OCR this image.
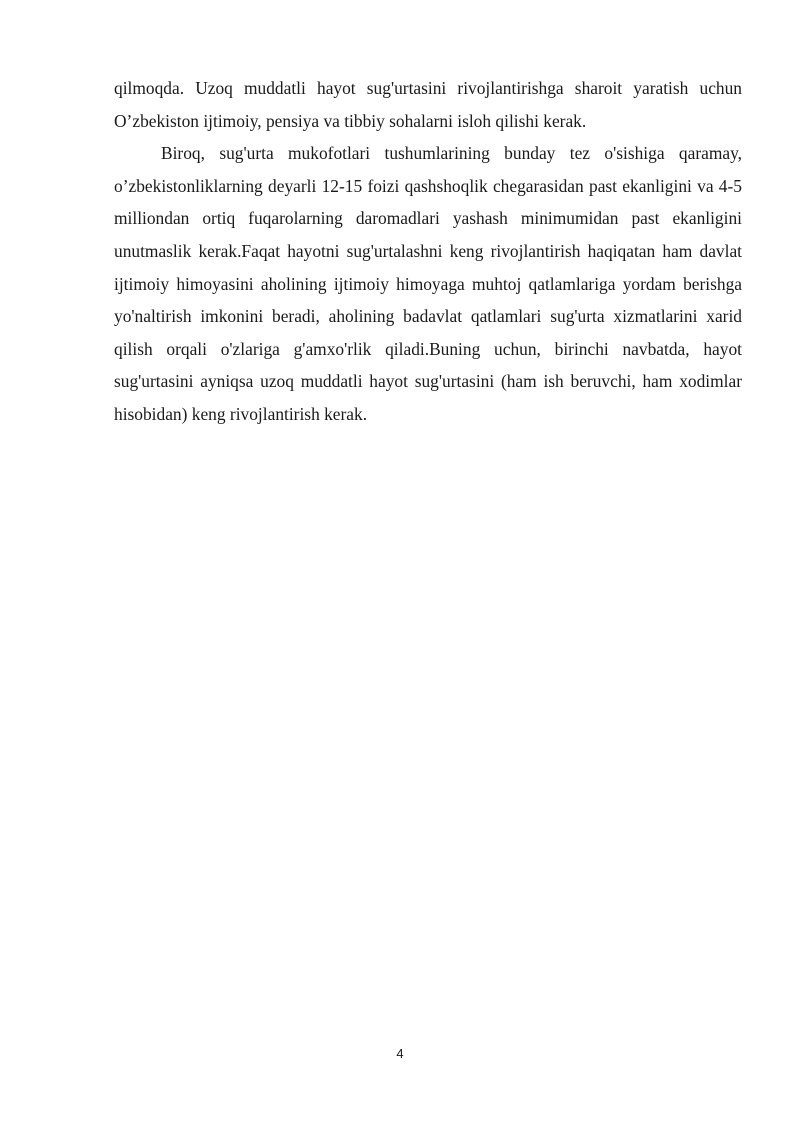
qilmoqda. Uzoq muddatli hayot sug'urtasini rivojlantirishga sharoit yaratish uchun O’zbekiston ijtimoiy, pensiya va tibbiy sohalarni isloh qilishi kerak.

Biroq, sug'urta mukofotlari tushumlarining bunday tez o'sishiga qaramay, o’zbekistonliklarning deyarli 12-15 foizi qashshoqlik chegarasidan past ekanligini va 4-5 milliondan ortiq fuqarolarning daromadlari yashash minimumidan past ekanligini unutmaslik kerak.Faqat hayotni sug'urtalashni keng rivojlantirish haqiqatan ham davlat ijtimoiy himoyasini aholining ijtimoiy himoyaga muhtoj qatlamlariga yordam berishga yo'naltirish imkonini beradi, aholining badavlat qatlamlari sug'urta xizmatlarini xarid qilish orqali o'zlariga g'amxo'rlik qiladi.Buning uchun, birinchi navbatda, hayot sug'urtasini ayniqsa uzoq muddatli hayot sug'urtasini (ham ish beruvchi, ham xodimlar hisobidan) keng rivojlantirish kerak.

4
